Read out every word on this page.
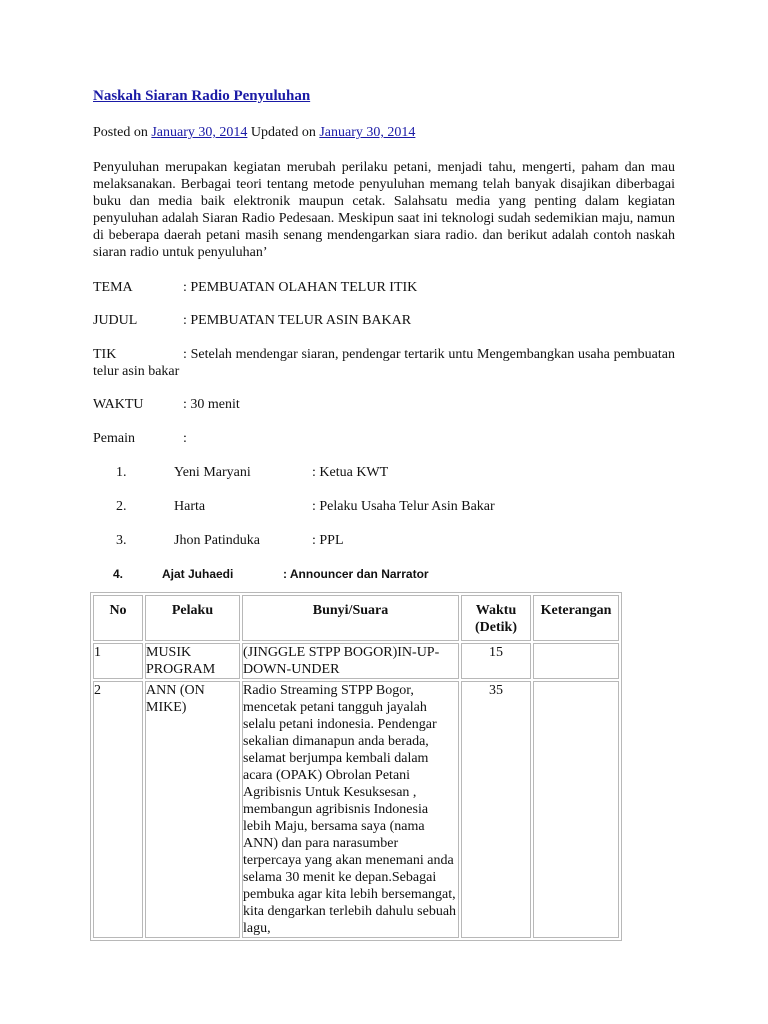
Naskah Siaran Radio Penyuluhan
Posted on January 30, 2014 Updated on January 30, 2014
Penyuluhan merupakan kegiatan merubah perilaku petani, menjadi tahu, mengerti, paham dan mau melaksanakan. Berbagai teori tentang metode penyuluhan memang telah banyak disajikan diberbagai buku dan media baik elektronik maupun cetak. Salahsatu media yang penting dalam kegiatan penyuluhan adalah Siaran Radio Pedesaan. Meskipun saat ini teknologi sudah sedemikian maju, namun di beberapa daerah petani masih senang mendengarkan siara radio. dan berikut adalah contoh naskah siaran radio untuk penyuluhan’
TEMA	: PEMBUATAN OLAHAN TELUR ITIK
JUDUL	: PEMBUATAN TELUR ASIN BAKAR
TIK	: Setelah mendengar siaran, pendengar tertarik untu Mengembangkan usaha pembuatan telur asin bakar
WAKTU	: 30 menit
Pemain	:
1.	Yeni Maryani	: Ketua KWT
2.	Harta	: Pelaku Usaha Telur Asin Bakar
3.	Jhon Patinduka	: PPL
4.	Ajat Juhaedi	: Announcer dan Narrator
No	Pelaku	Bunyi/Suara	Waktu (Detik)	Keterangan
1	MUSIK PROGRAM	(JINGGLE STPP BOGOR)IN-UP-DOWN-UNDER	15	
2	ANN (ON MIKE)	Radio Streaming STPP Bogor, mencetak petani tangguh jayalah selalu petani indonesia. Pendengar sekalian dimanapun anda berada, selamat berjumpa kembali dalam acara (OPAK) Obrolan Petani Agribisnis Untuk Kesuksesan , membangun agribisnis Indonesia lebih Maju, bersama saya (nama ANN) dan para narasumber terpercaya yang akan menemani anda selama 30 menit ke depan.Sebagai pembuka agar kita lebih bersemangat, kita dengarkan terlebih dahulu sebuah lagu,	35	
